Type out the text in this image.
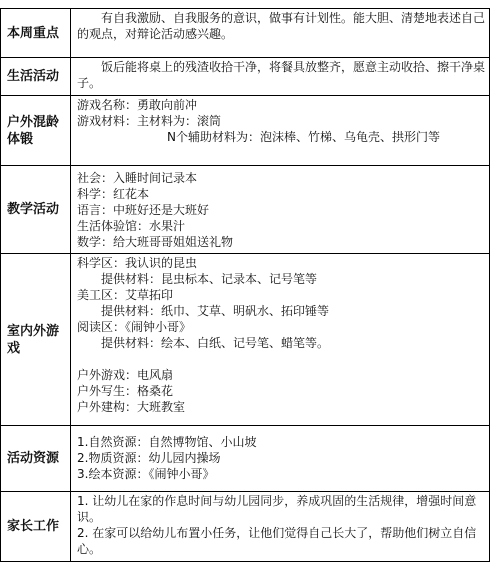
本周重点

有自我激励、自我服务的意识，做事有计划性。能大胆、清楚地表述自己的观点，对辩论活动感兴趣。

生活活动

饭后能将桌上的残渣收拾干净，将餐具放整齐，愿意主动收拾、擦干净桌子。

户外混龄体锻

游戏名称：勇敢向前冲

游戏材料：主材料为：滚筒

N个辅助材料为：泡沫棒、竹梯、乌龟壳、拱形门等

教学活动

社会：入睡时间记录本

科学：红花本

语言：中班好还是大班好

生活体验馆：水果汁

数学：给大班哥哥姐姐送礼物

室内外游戏

科学区：我认识的昆虫

提供材料：昆虫标本、记录本、记号笔等

美工区：艾草拓印

提供材料：纸巾、艾草、明矾水、拓印锤等

阅读区：《闹钟小哥》

提供材料：绘本、白纸、记号笔、蜡笔等。

户外游戏：电风扇

户外写生：格桑花

户外建构：大班教室

活动资源

1.自然资源：自然博物馆、小山坡

2.物质资源：幼儿园内操场

3.绘本资源：《闹钟小哥》

家长工作

1. 让幼儿在家的作息时间与幼儿园同步，养成巩固的生活规律，增强时间意识。

2. 在家可以给幼儿布置小任务，让他们觉得自己长大了，帮助他们树立自信心。
